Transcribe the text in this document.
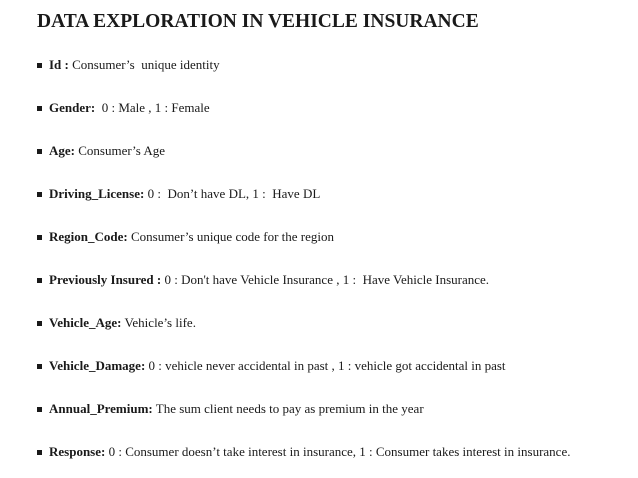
DATA EXPLORATION IN VEHICLE INSURANCE
Id : Consumer’s  unique identity
Gender: 0 : Male , 1 : Female
Age: Consumer’s Age
Driving_License: 0 :  Don’t have DL, 1 :  Have DL
Region_Code: Consumer’s unique code for the region
Previously Insured : 0 : Don't have Vehicle Insurance , 1 :  Have Vehicle Insurance.
Vehicle_Age: Vehicle’s life.
Vehicle_Damage: 0 : vehicle never accidental in past , 1 : vehicle got accidental in past
Annual_Premium: The sum client needs to pay as premium in the year
Response: 0 : Consumer doesn’t take interest in insurance, 1 : Consumer takes interest in insurance.
